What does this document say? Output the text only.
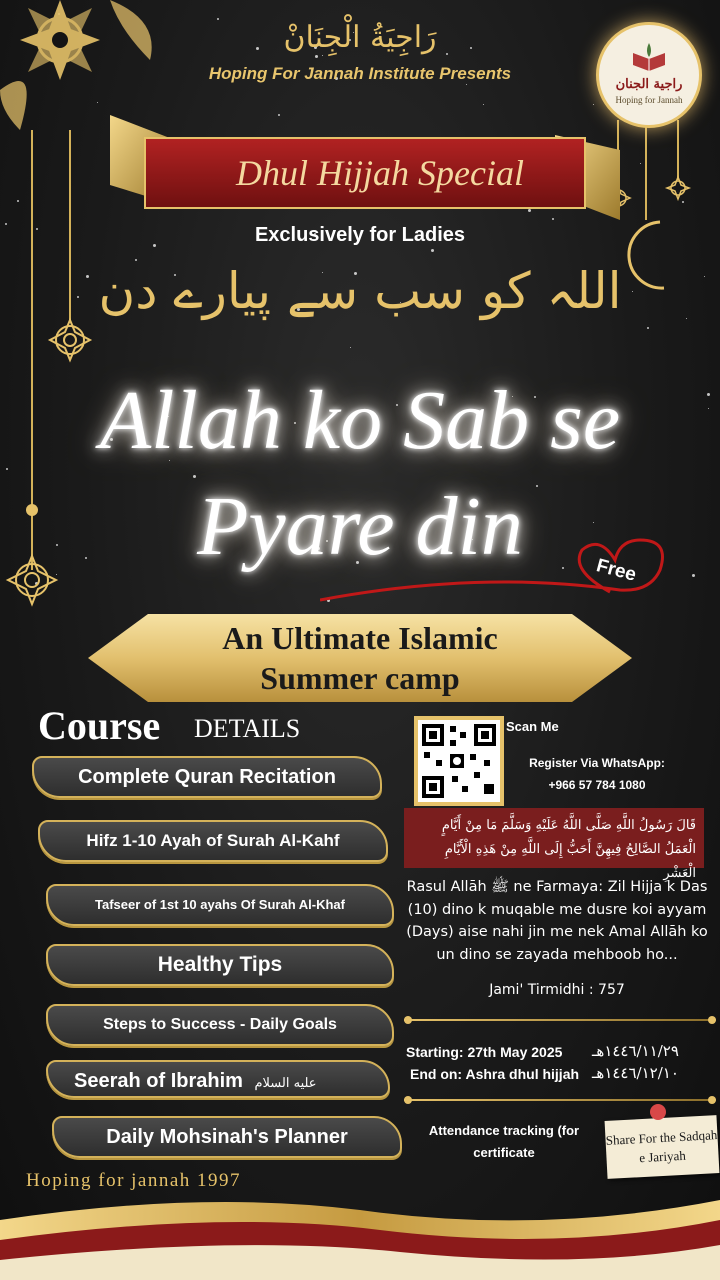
رَاجِيَةُ الْجِنَانْ
Hoping For Jannah Institute Presents
راجية الجنان
Hoping for Jannah
Dhul Hijjah Special
Exclusively for Ladies
اللہ کو سب سے پیارے دن
Allah ko Sab se
Pyare din	Free
An Ultimate Islamic
Summer camp
Course DETAILS
Complete Quran Recitation
Hifz 1-10 Ayah of Surah Al-Kahf
Tafseer of 1st 10 ayahs Of Surah Al-Khaf
Healthy Tips
Steps to Success - Daily Goals
Seerah of Ibrahim عليه السلام
Daily Mohsinah's Planner
Scan Me
Register Via WhatsApp:
+966 57 784 1080
قَالَ رَسُولُ اللَّهِ صَلَّى اللَّهُ عَلَيْهِ وَسَلَّمَ مَا مِنْ أَيَّامٍ الْعَمَلُ الصَّالِحُ فِيهِنَّ أَحَبُّ إِلَى اللَّهِ مِنْ هَذِهِ الْأَيَّامِ الْعَشْرِ
Rasul Allāh ﷺ ne Farmaya: Zil Hijja k Das (10) dino k muqable me dusre koi ayyam (Days) aise nahi jin me nek Amal Allāh ko un dino se zayada mehboob ho...
Jami' Tirmidhi : 757
Starting: 27th May 2025 ١٤٤٦/١١/٢٩هـ
End on: Ashra dhul hijjah ١٤٤٦/١٢/١٠هـ
Attendance tracking (for certificate
Share For the Sadqah e Jariyah
Hoping for jannah 1997
